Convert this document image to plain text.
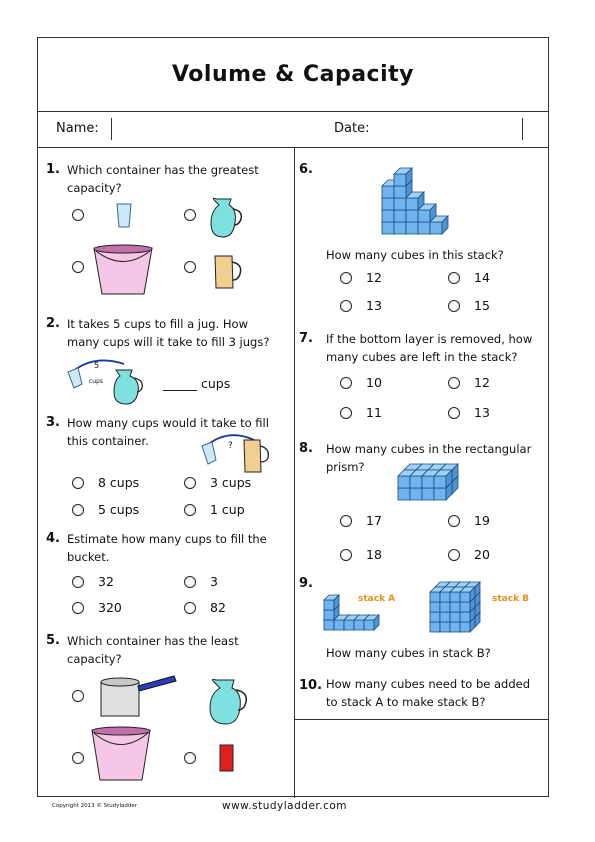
Volume & Capacity
Name:	Date:
1. Which container has the greatest
capacity?
2. It takes 5 cups to fill a jug. How
many cups will it take to fill 3 jugs?
5
cups	cups
3. How many cups would it take to fill
this container.	?
8 cups	3 cups
5 cups	1 cup
4. Estimate how many cups to fill the
bucket.
32	3
320	82
5. Which container has the least
capacity?
6.
How many cubes in this stack?
12	14
13	15
7. If the bottom layer is removed, how
many cubes are left in the stack?
10	12
11	13
8. How many cubes in the rectangular
prism?
17	19
18	20
9.
stack A	stack B
How many cubes in stack B?
10. How many cubes need to be added
to stack A to make stack B?
Copyright 2013 © Studyladder	www.studyladder.com
